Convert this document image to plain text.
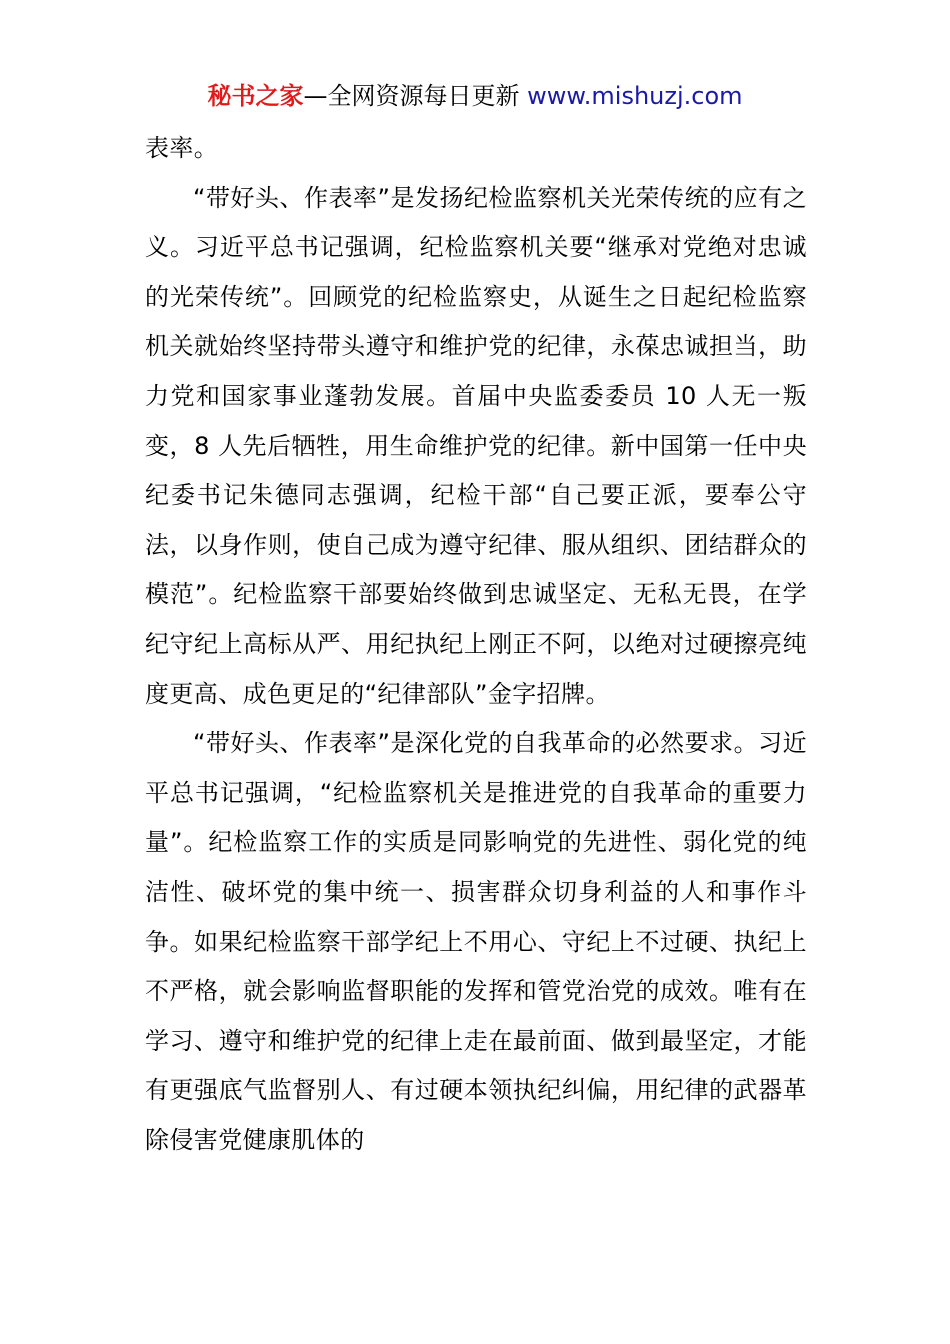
秘书之家—全网资源每日更新 www.mishuzj.com

表率。

“带好头、作表率”是发扬纪检监察机关光荣传统的应有之义。习近平总书记强调，纪检监察机关要“继承对党绝对忠诚的光荣传统”。回顾党的纪检监察史，从诞生之日起纪检监察机关就始终坚持带头遵守和维护党的纪律，永葆忠诚担当，助力党和国家事业蓬勃发展。首届中央监委委员 10 人无一叛变，8 人先后牺牲，用生命维护党的纪律。新中国第一任中央纪委书记朱德同志强调，纪检干部“自己要正派，要奉公守法，以身作则，使自己成为遵守纪律、服从组织、团结群众的模范”。纪检监察干部要始终做到忠诚坚定、无私无畏，在学纪守纪上高标从严、用纪执纪上刚正不阿，以绝对过硬擦亮纯度更高、成色更足的“纪律部队”金字招牌。

“带好头、作表率”是深化党的自我革命的必然要求。习近平总书记强调，“纪检监察机关是推进党的自我革命的重要力量”。纪检监察工作的实质是同影响党的先进性、弱化党的纯洁性、破坏党的集中统一、损害群众切身利益的人和事作斗争。如果纪检监察干部学纪上不用心、守纪上不过硬、执纪上不严格，就会影响监督职能的发挥和管党治党的成效。唯有在学习、遵守和维护党的纪律上走在最前面、做到最坚定，才能有更强底气监督别人、有过硬本领执纪纠偏，用纪律的武器革除侵害党健康肌体的
